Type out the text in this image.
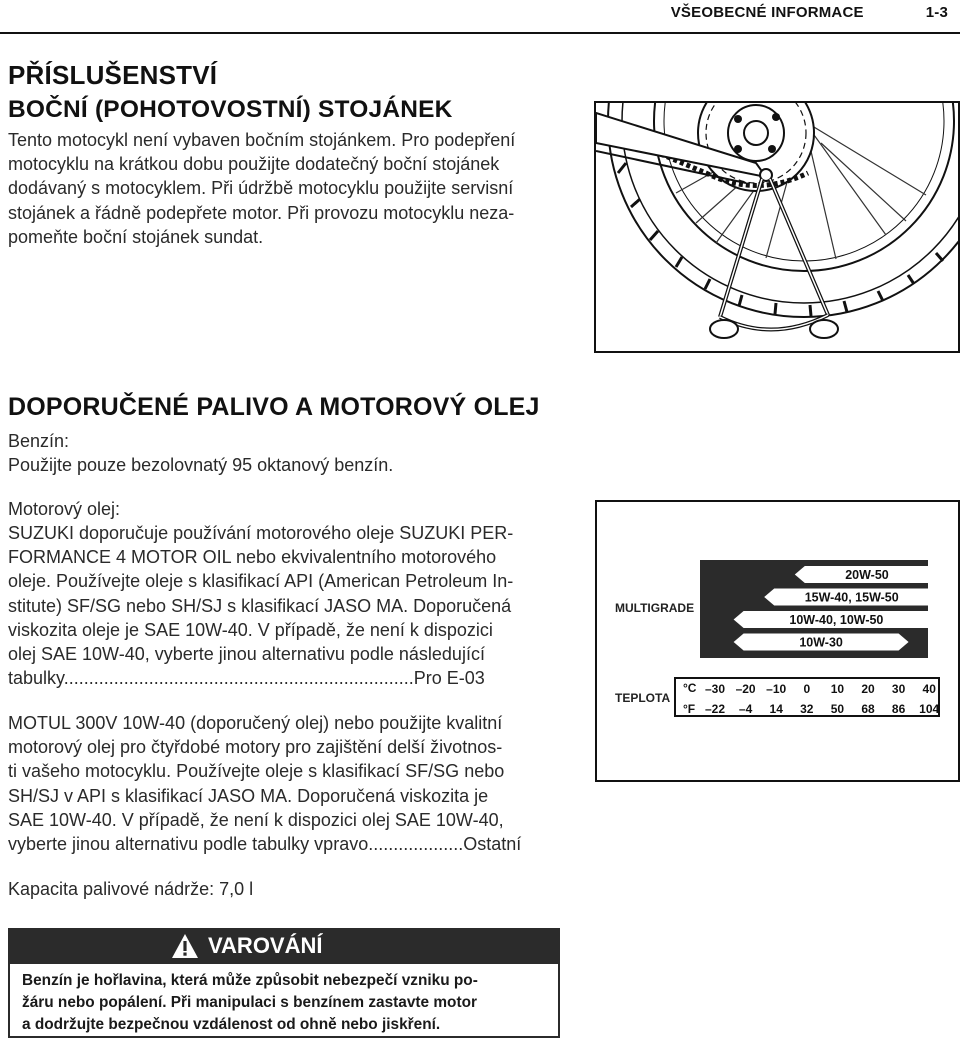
VŠEOBECNÉ INFORMACE	1-3
PŘÍSLUŠENSTVÍ
BOČNÍ (POHOTOVOSTNÍ) STOJÁNEK
Tento motocykl není vybaven bočním stojánkem. Pro podepření
motocyklu na krátkou dobu použijte dodatečný boční stojánek
dodávaný s motocyklem. Při údržbě motocyklu použijte servisní
stojánek a řádně podepřete motor. Při provozu motocyklu neza-
pomeňte boční stojánek sundat.
DOPORUČENÉ PALIVO A MOTOROVÝ OLEJ
Benzín:
Použijte pouze bezolovnatý 95 oktanový benzín.
Motorový olej:
SUZUKI doporučuje používání motorového oleje SUZUKI PER-
FORMANCE 4 MOTOR OIL nebo ekvivalentního motorového
oleje. Používejte oleje s klasifikací API (American Petroleum In-
stitute) SF/SG nebo SH/SJ s klasifikací JASO MA. Doporučená
viskozita oleje je SAE 10W-40. V případě, že není k dispozici
olej SAE 10W-40, vyberte jinou alternativu podle následující
tabulky......................................................................Pro E-03
MOTUL 300V 10W-40 (doporučený olej) nebo použijte kvalitní
motorový olej pro čtyřdobé motory pro zajištění delší životnos-
ti vašeho motocyklu. Používejte oleje s klasifikací SF/SG nebo
SH/SJ v API s klasifikací JASO MA. Doporučená viskozita je
SAE 10W-40. V případě, že není k dispozici olej SAE 10W-40,
vyberte jinou alternativu podle tabulky vpravo...................Ostatní
Kapacita palivové nádrže: 7,0 l
MULTIGRADE
TEPLOTA
°C
°F
20W-50
15W-40, 15W-50
10W-40, 10W-50
10W-30
–30 –20 –10 0 10 20 30 40
–22 –4 14 32 50 68 86 104
VAROVÁNÍ
Benzín je hořlavina, která může způsobit nebezpečí vzniku po-
žáru nebo popálení. Při manipulaci s benzínem zastavte motor
a dodržujte bezpečnou vzdálenost od ohně nebo jiskření.
